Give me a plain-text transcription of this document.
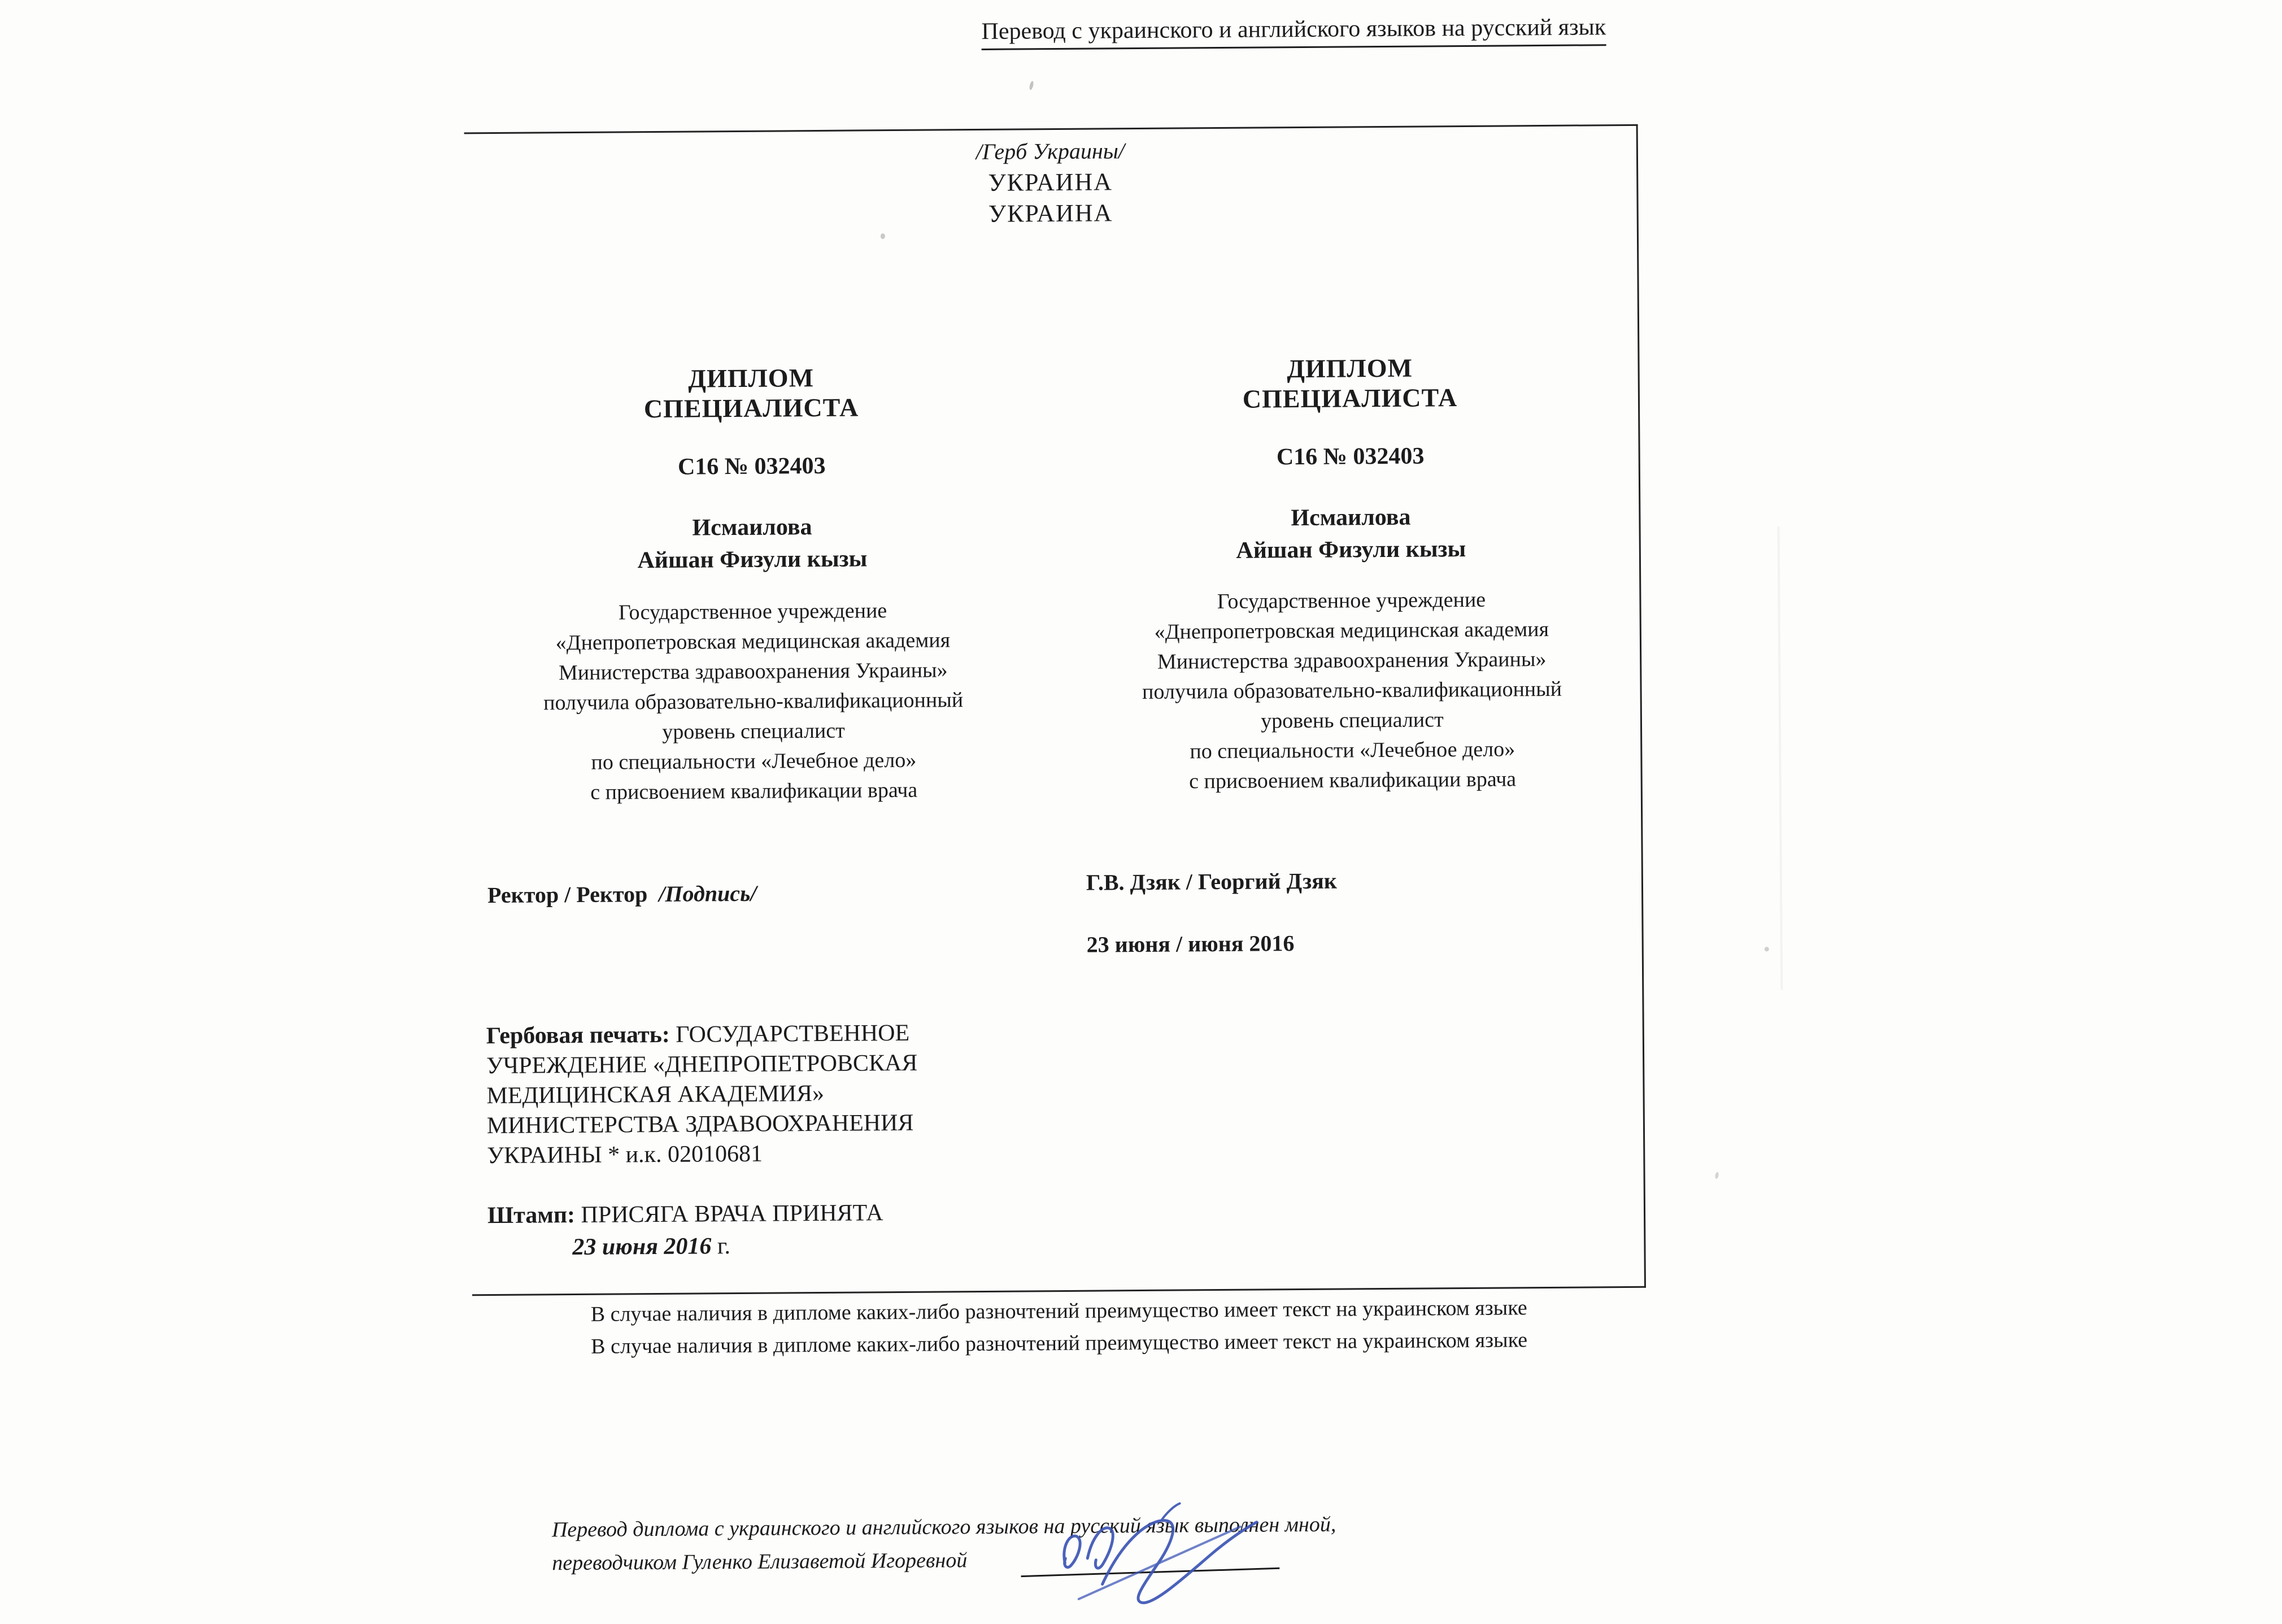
Перевод с украинского и английского языков на русский язык
/Герб Украины/
УКРАИНА
УКРАИНА
ДИПЛОМ
СПЕЦИАЛИСТА
С16 № 032403
Исмаилова
Айшан Физули кызы
Государственное учреждение
«Днепропетровская медицинская академия
Министерства здравоохранения Украины»
получила образовательно-квалификационный
уровень специалист
по специальности «Лечебное дело»
с присвоением квалификации врача
Ректор / Ректор /Подпись/
Гербовая печать: ГОСУДАРСТВЕННОЕ
УЧРЕЖДЕНИЕ «ДНЕПРОПЕТРОВСКАЯ
МЕДИЦИНСКАЯ АКАДЕМИЯ»
МИНИСТЕРСТВА ЗДРАВООХРАНЕНИЯ
УКРАИНЫ * и.к. 02010681
Штамп: ПРИСЯГА ВРАЧА ПРИНЯТА
23 июня 2016 г.
ДИПЛОМ
СПЕЦИАЛИСТА
С16 № 032403
Исмаилова
Айшан Физули кызы
Государственное учреждение
«Днепропетровская медицинская академия
Министерства здравоохранения Украины»
получила образовательно-квалификационный
уровень специалист
по специальности «Лечебное дело»
с присвоением квалификации врача
Г.В. Дзяк / Георгий Дзяк
23 июня / июня 2016
В случае наличия в дипломе каких-либо разночтений преимущество имеет текст на украинском языке
В случае наличия в дипломе каких-либо разночтений преимущество имеет текст на украинском языке
Перевод диплома с украинского и английского языков на русский язык выполнен мной,
переводчиком Гуленко Елизаветой Игоревной
